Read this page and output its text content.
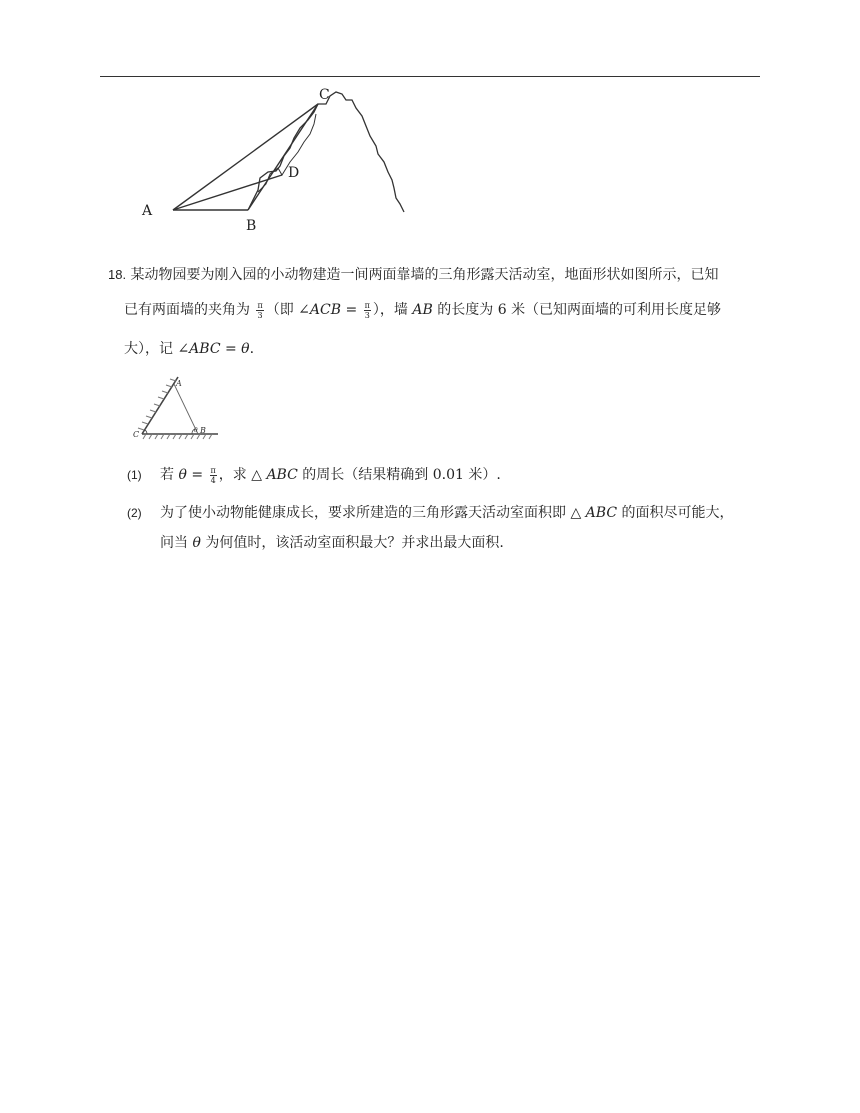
A
B
C
D
18. 某动物园要为刚入园的小动物建造一间两面靠墙的三角形露天活动室，地面形状如图所示，已知
已有两面墙的夹角为 $\frac{\pi}{3}$ （即 ∠ACB = $\frac{\pi}{3}$ ），墙 AB 的长度为 6 米（已知两面墙的可利用长度足够
大），记 ∠ABC = θ.
A
C	B
θ
(1) 若 $\theta = \frac{\pi}{4}$ ，求 △ ABC 的周长（结果精确到 0.01 米）.
(2) 为了使小动物能健康成长，要求所建造的三角形露天活动室面积即 △ ABC 的面积尽可能大，
问当 θ 为何值时，该活动室面积最大？并求出最大面积.
